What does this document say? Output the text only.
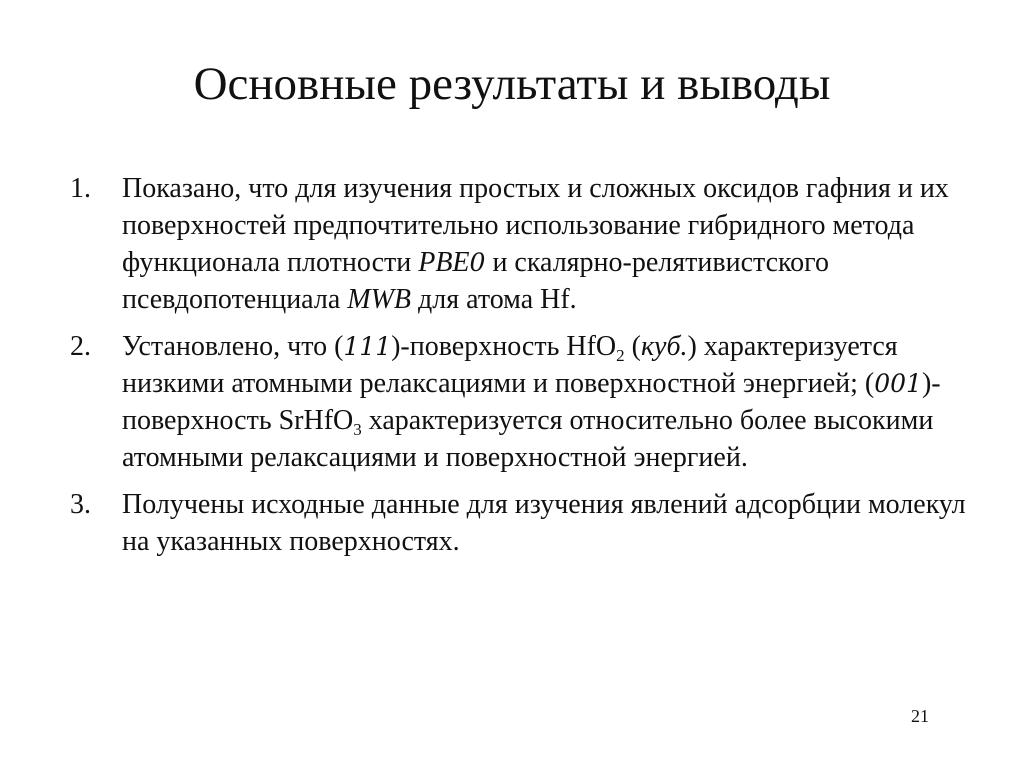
Основные результаты и выводы
1. Показано, что для изучения простых и сложных оксидов гафния и их поверхностей предпочтительно использование гибридного метода функционала плотности PBE0 и скалярно-релятивистского псевдопотенциала MWB для атома Hf.
2. Установлено, что (111)-поверхность HfO$_2$ (куб.) характеризуется низкими атомными релаксациями и поверхностной энергией; (001)-поверхность SrHfO$_3$ характеризуется относительно более высокими атомными релаксациями и поверхностной энергией.
3. Получены исходные данные для изучения явлений адсорбции молекул на указанных поверхностях.
21
